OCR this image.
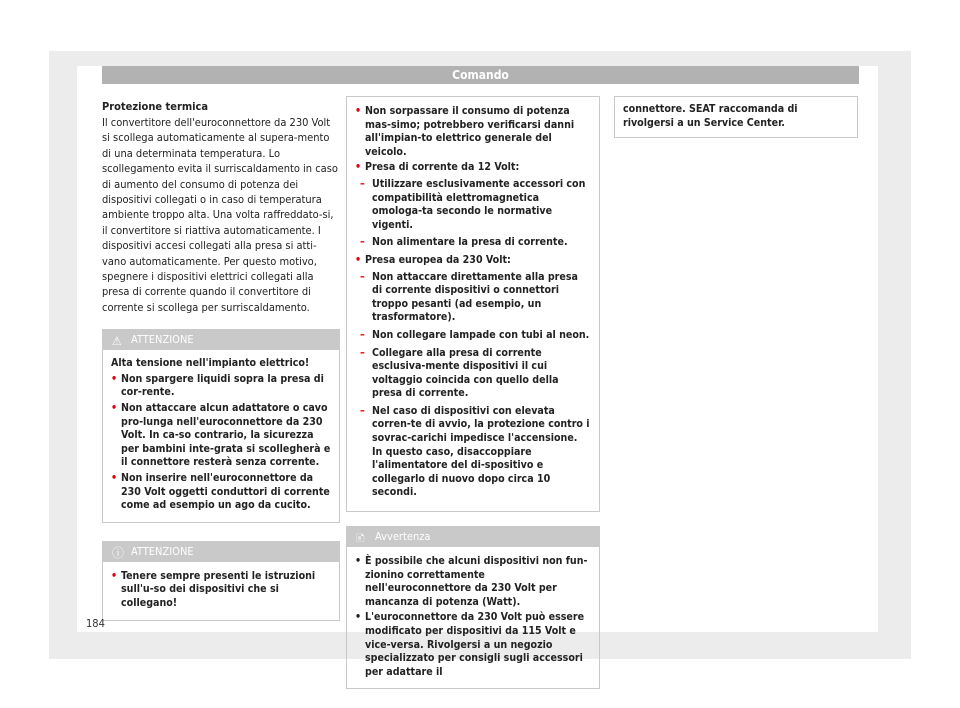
Comando
Protezione termica

Il convertitore dell'euroconnettore da 230 Volt si scollega automaticamente al supera-mento di una determinata temperatura. Lo scollegamento evita il surriscaldamento in caso di aumento del consumo di potenza dei dispositivi collegati o in caso di temperatura ambiente troppo alta. Una volta raffreddato-si, il convertitore si riattiva automaticamente. I dispositivi accesi collegati alla presa si atti-vano automaticamente. Per questo motivo, spegnere i dispositivi elettrici collegati alla presa di corrente quando il convertitore di corrente si scollega per surriscaldamento.

⚠ ATTENZIONE

Alta tensione nell'impianto elettrico!

• Non spargere liquidi sopra la presa di cor-rente.
• Non attaccare alcun adattatore o cavo pro-lunga nell'euroconnettore da 230 Volt. In ca-so contrario, la sicurezza per bambini inte-grata si scollegherà e il connettore resterà senza corrente.
• Non inserire nell'euroconnettore da 230 Volt oggetti conduttori di corrente come ad esempio un ago da cucito.
ⓘ ATTENZIONE
• Tenere sempre presenti le istruzioni sull'u-so dei dispositivi che si collegano!
• Non sorpassare il consumo di potenza mas-simo; potrebbero verificarsi danni all'impian-to elettrico generale del veicolo.
• Presa di corrente da 12 Volt:
– Utilizzare esclusivamente accessori con compatibilità elettromagnetica omologa-ta secondo le normative vigenti.
– Non alimentare la presa di corrente.
• Presa europea da 230 Volt:
– Non attaccare direttamente alla presa di corrente dispositivi o connettori troppo pesanti (ad esempio, un trasformatore).
– Non collegare lampade con tubi al neon.
– Collegare alla presa di corrente esclusiva-mente dispositivi il cui voltaggio coincida con quello della presa di corrente.
– Nel caso di dispositivi con elevata corren-te di avvio, la protezione contro i sovrac-carichi impedisce l'accensione. In questo caso, disaccoppiare l'alimentatore del di-spositivo e collegarlo di nuovo dopo circa 10 secondi.
🗈 Avvertenza
• È possibile che alcuni dispositivi non fun-zionino correttamente nell'euroconnettore da 230 Volt per mancanza di potenza (Watt).
• L'euroconnettore da 230 Volt può essere modificato per dispositivi da 115 Volt e vice-versa. Rivolgersi a un negozio specializzato per consigli sugli accessori per adattare il
connettore. SEAT raccomanda di rivolgersi a un Service Center.
184
